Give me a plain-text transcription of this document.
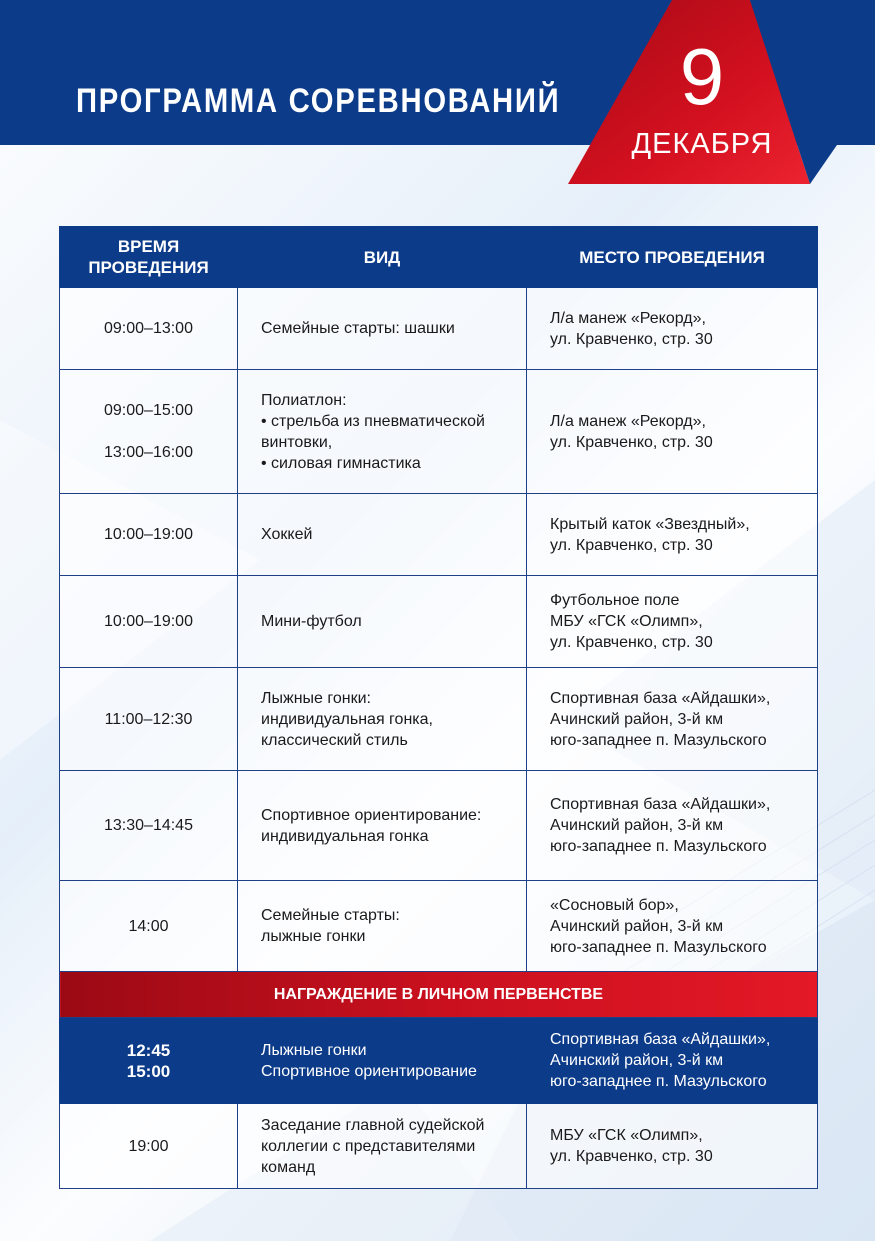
ПРОГРАММА СОРЕВНОВАНИЙ	9
ДЕКАБРЯ
ВРЕМЯ
ПРОВЕДЕНИЯ	ВИД	МЕСТО ПРОВЕДЕНИЯ

09:00–13:00	Семейные старты: шашки	Л/а манеж «Рекорд»,
ул. Кравченко, стр. 30

09:00–15:00
13:00–16:00	Полиатлон:
• стрельба из пневматической
винтовки,
• силовая гимнастика	Л/а манеж «Рекорд»,
ул. Кравченко, стр. 30

10:00–19:00	Хоккей	Крытый каток «Звездный»,
ул. Кравченко, стр. 30

10:00–19:00	Мини-футбол	Футбольное поле
МБУ «ГСК «Олимп»,
ул. Кравченко, стр. 30

11:00–12:30	Лыжные гонки:
индивидуальная гонка,
классический стиль	Спортивная база «Айдашки»,
Ачинский район, 3-й км
юго-западнее п. Мазульского

13:30–14:45	Спортивное ориентирование:
индивидуальная гонка	Спортивная база «Айдашки»,
Ачинский район, 3-й км
юго-западнее п. Мазульского

14:00	Семейные старты:
лыжные гонки	«Сосновый бор»,
Ачинский район, 3-й км
юго-западнее п. Мазульского

НАГРАЖДЕНИЕ В ЛИЧНОМ ПЕРВЕНСТВЕ		

12:45
15:00	Лыжные гонки
Спортивное ориентирование	Спортивная база «Айдашки»,
Ачинский район, 3-й км
юго-западнее п. Мазульского

19:00	Заседание главной судейской
коллегии с представителями
команд	МБУ «ГСК «Олимп»,
ул. Кравченко, стр. 30
